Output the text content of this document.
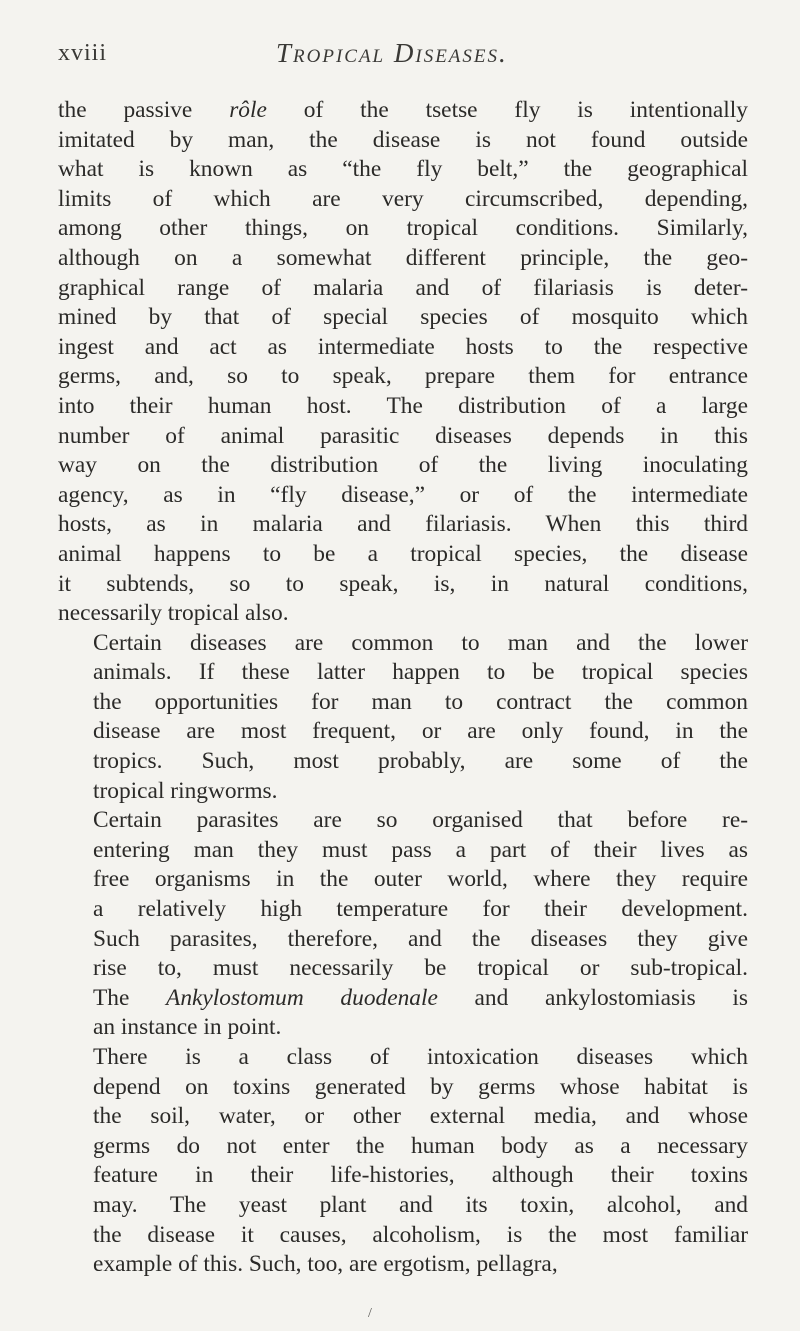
xviii	Tropical Diseases.

the passive rôle of the tsetse fly is intentionally
imitated by man, the disease is not found outside
what is known as “the fly belt,” the geographical
limits of which are very circumscribed, depending,
among other things, on tropical conditions. Similarly,
although on a somewhat different principle, the geo-
graphical range of malaria and of filariasis is deter-
mined by that of special species of mosquito which
ingest and act as intermediate hosts to the respective
germs, and, so to speak, prepare them for entrance
into their human host. The distribution of a large
number of animal parasitic diseases depends in this
way on the distribution of the living inoculating
agency, as in “fly disease,” or of the intermediate
hosts, as in malaria and filariasis. When this third
animal happens to be a tropical species, the disease
it subtends, so to speak, is, in natural conditions,
necessarily tropical also.

Certain diseases are common to man and the lower
animals. If these latter happen to be tropical species
the opportunities for man to contract the common
disease are most frequent, or are only found, in the
tropics. Such, most probably, are some of the
tropical ringworms.

Certain parasites are so organised that before re-
entering man they must pass a part of their lives as
free organisms in the outer world, where they require
a relatively high temperature for their development.
Such parasites, therefore, and the diseases they give
rise to, must necessarily be tropical or sub-tropical.
The Ankylostomum duodenale and ankylostomiasis is
an instance in point.

There is a class of intoxication diseases which
depend on toxins generated by germs whose habitat is
the soil, water, or other external media, and whose
germs do not enter the human body as a necessary
feature in their life-histories, although their toxins
may. The yeast plant and its toxin, alcohol, and
the disease it causes, alcoholism, is the most familiar
example of this. Such, too, are ergotism, pellagra,

/
